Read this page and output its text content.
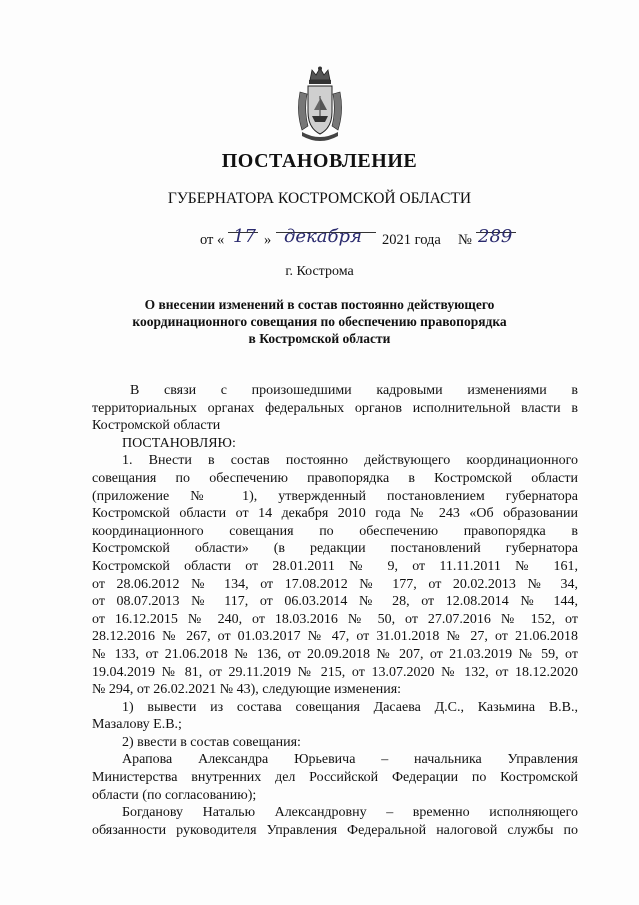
ПОСТАНОВЛЕНИЕ
ГУБЕРНАТОРА КОСТРОМСКОЙ ОБЛАСТИ
от « 17 » декабря 2021 года № 289
г. Кострома
О внесении изменений в состав постоянно действующего
координационного совещания по обеспечению правопорядка
в Костромской области
В связи с произошедшими кадровыми изменениями в
территориальных органах федеральных органов исполнительной власти в
Костромской области
ПОСТАНОВЛЯЮ:
1. Внести в состав постоянно действующего координационного
совещания по обеспечению правопорядка в Костромской области
(приложение № 1), утвержденный постановлением губернатора
Костромской области от 14 декабря 2010 года № 243 «Об образовании
координационного совещания по обеспечению правопорядка в
Костромской области» (в редакции постановлений губернатора
Костромской области от 28.01.2011 № 9, от 11.11.2011 № 161,
от 28.06.2012 № 134, от 17.08.2012 № 177, от 20.02.2013 № 34,
от 08.07.2013 № 117, от 06.03.2014 № 28, от 12.08.2014 № 144,
от 16.12.2015 № 240, от 18.03.2016 № 50, от 27.07.2016 № 152, от
28.12.2016 № 267, от 01.03.2017 № 47, от 31.01.2018 № 27, от 21.06.2018
№ 133, от 21.06.2018 № 136, от 20.09.2018 № 207, от 21.03.2019 № 59, от
19.04.2019 № 81, от 29.11.2019 № 215, от 13.07.2020 № 132, от 18.12.2020
№ 294, от 26.02.2021 № 43), следующие изменения:
1) вывести из состава совещания Дасаева Д.С., Казьмина В.В.,
Мазалову Е.В.;
2) ввести в состав совещания:
Арапова Александра Юрьевича – начальника Управления
Министерства внутренних дел Российской Федерации по Костромской
области (по согласованию);
Богданову Наталью Александровну – временно исполняющего
обязанности руководителя Управления Федеральной налоговой службы по
